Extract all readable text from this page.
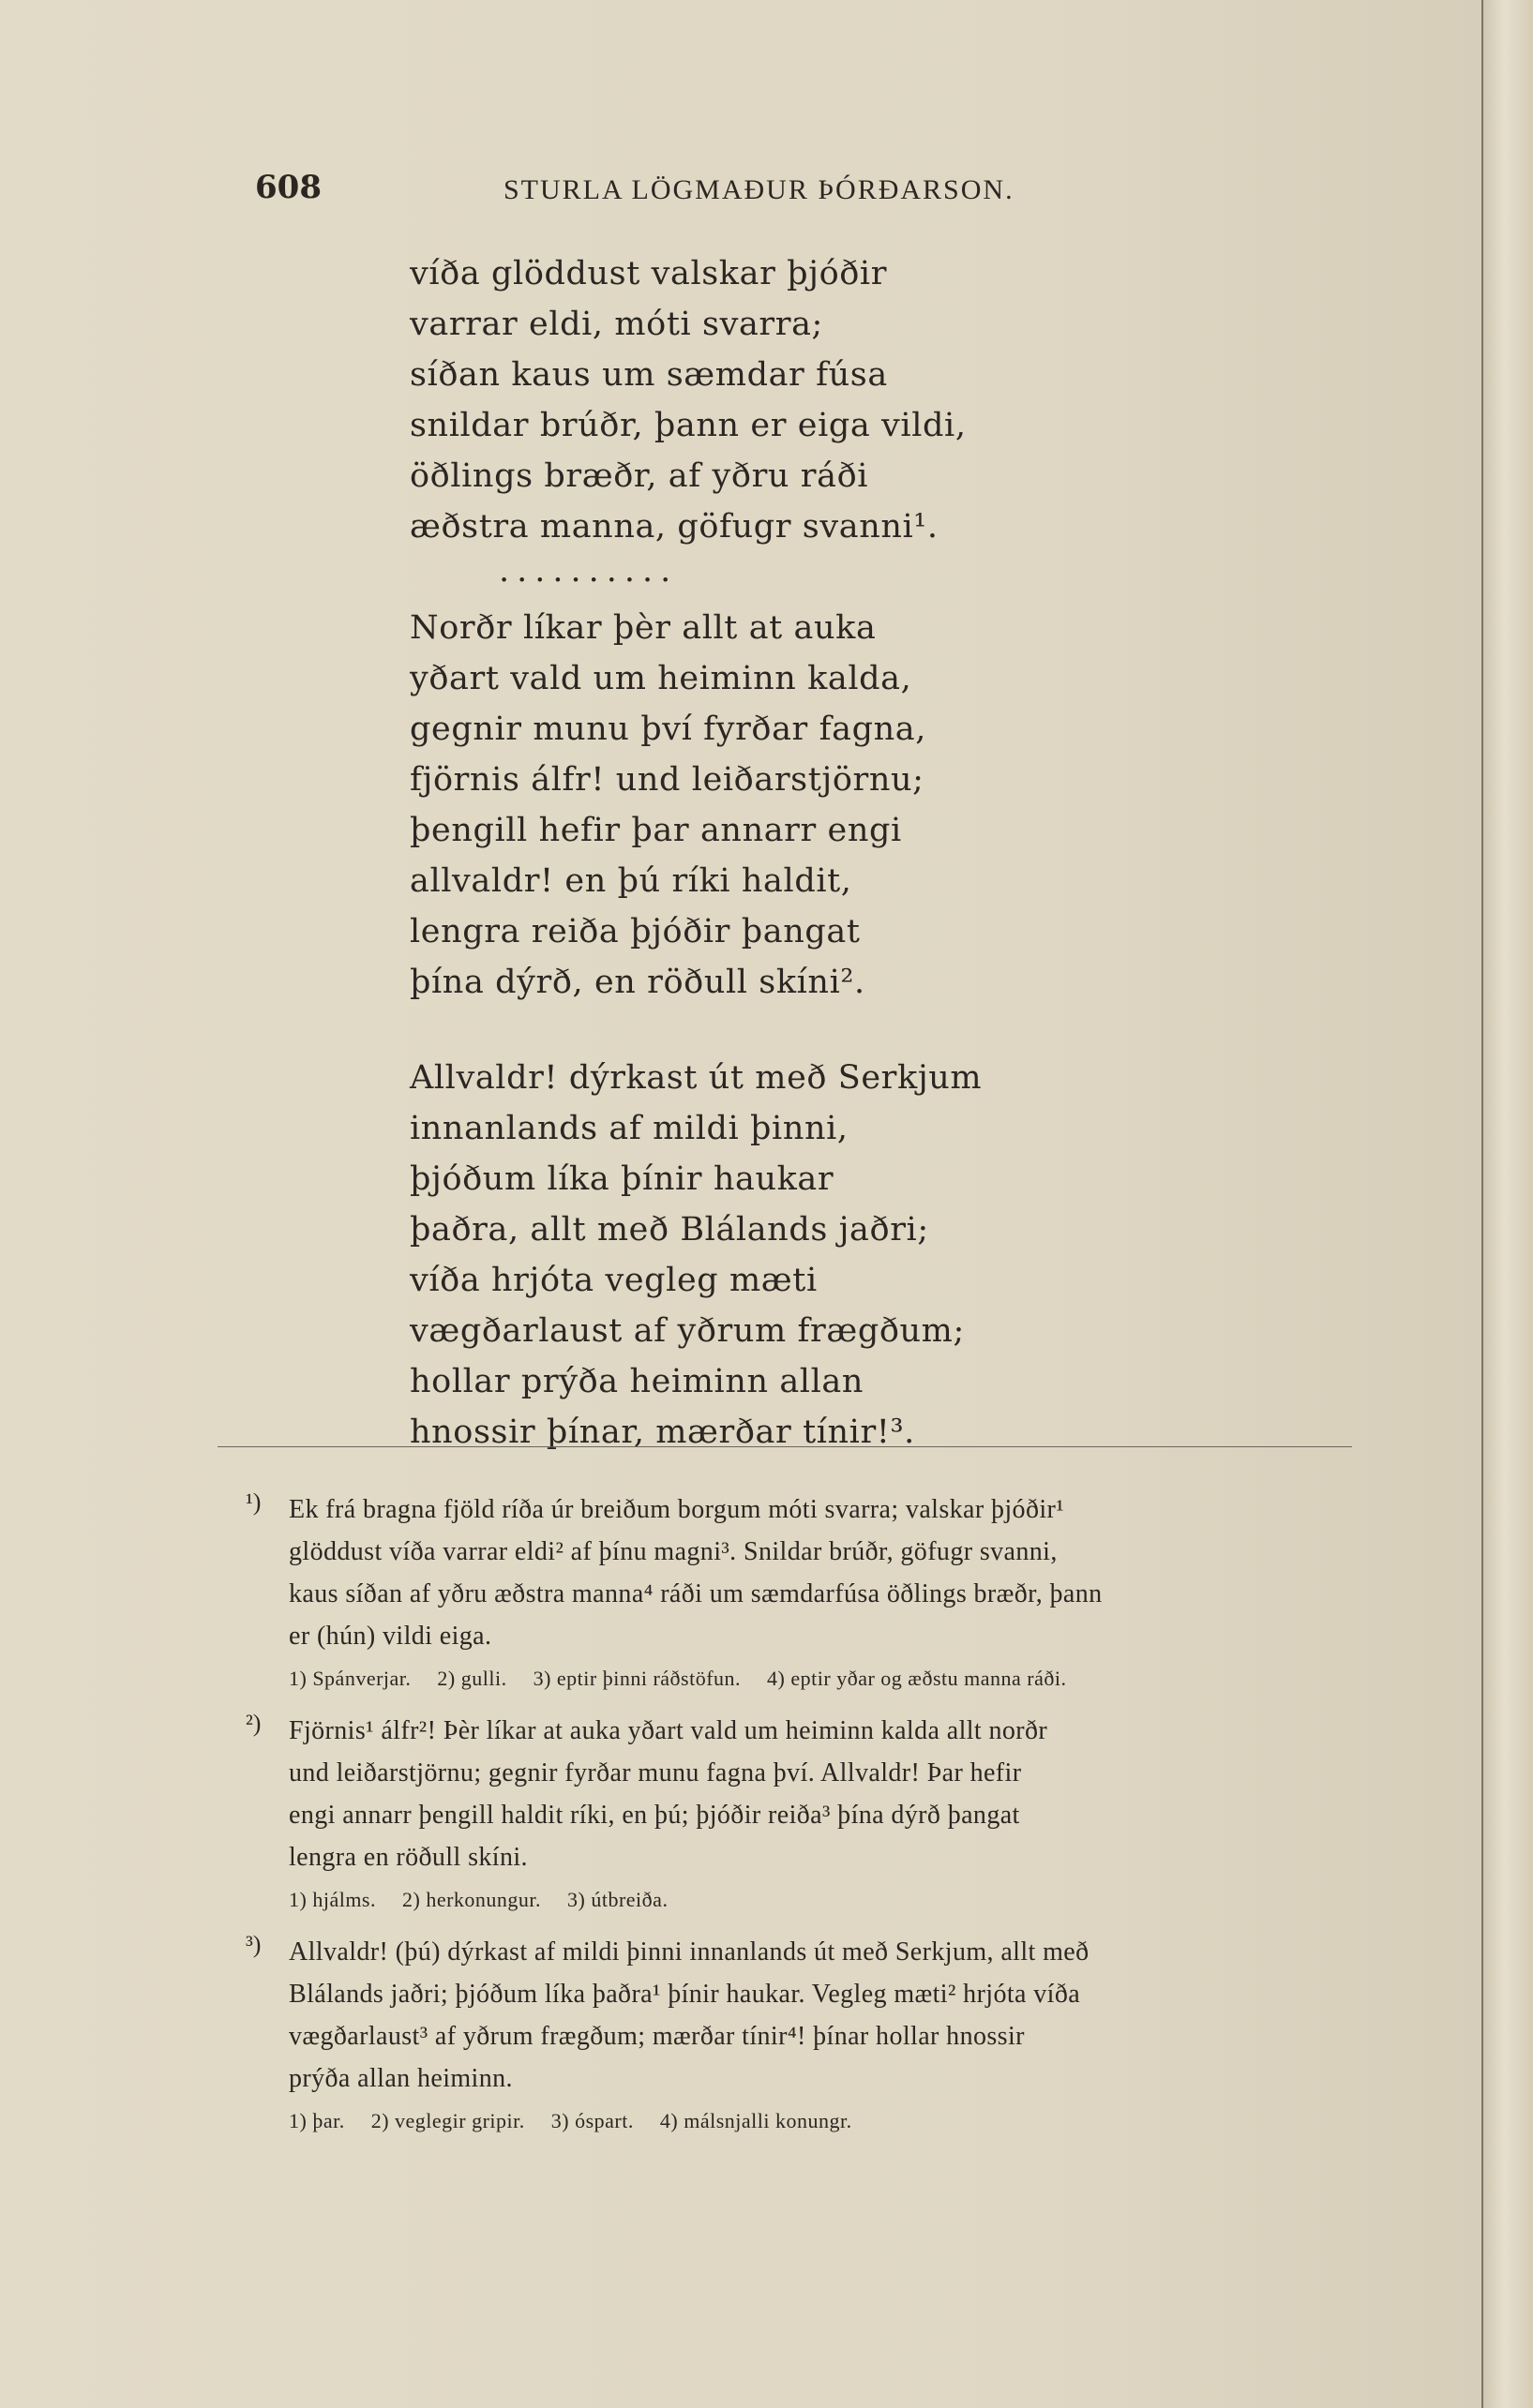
608	STURLA LÖGMAÐUR ÞÓRÐARSON.
víða glöddust valskar þjóðir
varrar eldi, móti svarra;
síðan kaus um sæmdar fúsa
snildar brúðr, þann er eiga vildi,
öðlings bræðr, af yðru ráði
æðstra manna, göfugr svanni¹.
..........
Norðr líkar þèr allt at auka
yðart vald um heiminn kalda,
gegnir munu því fyrðar fagna,
fjörnis álfr! und leiðarstjörnu;
þengill hefir þar annarr engi
allvaldr! en þú ríki haldit,
lengra reiða þjóðir þangat
þína dýrð, en röðull skíni².
Allvaldr! dýrkast út með Serkjum
innanlands af mildi þinni,
þjóðum líka þínir haukar
þaðra, allt með Blálands jaðri;
víða hrjóta vegleg mæti
vægðarlaust af yðrum frægðum;
hollar prýða heiminn allan
hnossir þínar, mærðar tínir!³.
¹) Ek frá bragna fjöld ríða úr breiðum borgum móti svarra; valskar þjóðir¹
glöddust víða varrar eldi² af þínu magni³. Snildar brúðr, göfugr svanni,
kaus síðan af yðru æðstra manna⁴ ráði um sæmdarfúsa öðlings bræðr, þann
er (hún) vildi eiga.
1) Spánverjar. 2) gulli. 3) eptir þinni ráðstöfun. 4) eptir yðar og æðstu manna ráði.
²) Fjörnis¹ álfr²! Þèr líkar at auka yðart vald um heiminn kalda allt norðr
und leiðarstjörnu; gegnir fyrðar munu fagna því. Allvaldr! Þar hefir
engi annarr þengill haldit ríki, en þú; þjóðir reiða³ þína dýrð þangat
lengra en röðull skíni.
1) hjálms. 2) herkonungur. 3) útbreiða.
³) Allvaldr! (þú) dýrkast af mildi þinni innanlands út með Serkjum, allt með
Blálands jaðri; þjóðum líka þaðra¹ þínir haukar. Vegleg mæti² hrjóta víða
vægðarlaust³ af yðrum frægðum; mærðar tínir⁴! þínar hollar hnossir
prýða allan heiminn.
1) þar. 2) veglegir gripir. 3) óspart. 4) málsnjalli konungr.
